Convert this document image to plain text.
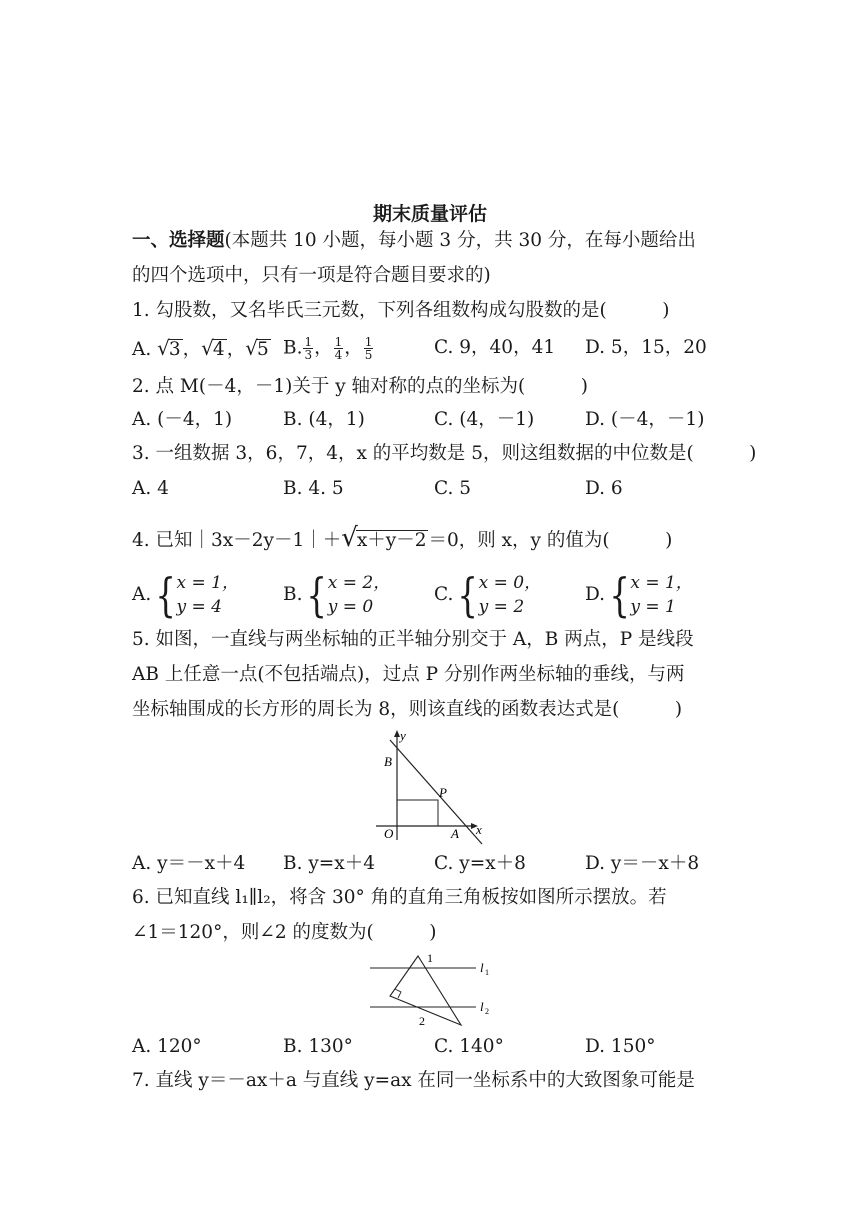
期末质量评估
一、选择题(本题共 10 小题，每小题 3 分，共 30 分，在每小题给出
的四个选项中，只有一项是符合题目要求的)
1. 勾股数，又名毕氏三元数，下列各组数构成勾股数的是(　　　)
A. √3 ，√4 ，√5 B. $\frac{1}{3}$ ， $\frac{1}{4}$ ， $\frac{1}{5}$	C. 9，40，41 D. 5，15，20
2. 点 M(－4，－1)关于 y 轴对称的点的坐标为(　　　)
A. (－4，1)	B. (4，1)	C. (4，－1)	D. (－4，－1)
3. 一组数据 3，6，7，4，x 的平均数是 5，则这组数据的中位数是(　　　)
A. 4	B. 4. 5	C. 5	D. 6
4. 已知｜3x－2y－1｜＋√x＋y－2 ＝0，则 x，y 的值为(　　　)
A. { x = 1，
y = 4
B. { x = 2，
y = 0
C. { x = 0，
y = 2
D. { x = 1，
y = 1
5. 如图，一直线与两坐标轴的正半轴分别交于 A，B 两点，P 是线段
AB 上任意一点(不包括端点)，过点 P 分别作两坐标轴的垂线，与两
坐标轴围成的长方形的周长为 8，则该直线的函数表达式是(　　　)
y
x
B
P
O	A
A. y＝－x＋4 B. y=x＋4	C. y=x＋8	D. y＝－x＋8
6. 已知直线 l₁∥l₂，将含 30° 角的直角三角板按如图所示摆放。若
∠1＝120°，则∠2 的度数为(　　　)
1
2
l 1
l 2
A. 120°	B. 130°	C. 140°	D. 150°
7. 直线 y＝－ax＋a 与直线 y=ax 在同一坐标系中的大致图象可能是
